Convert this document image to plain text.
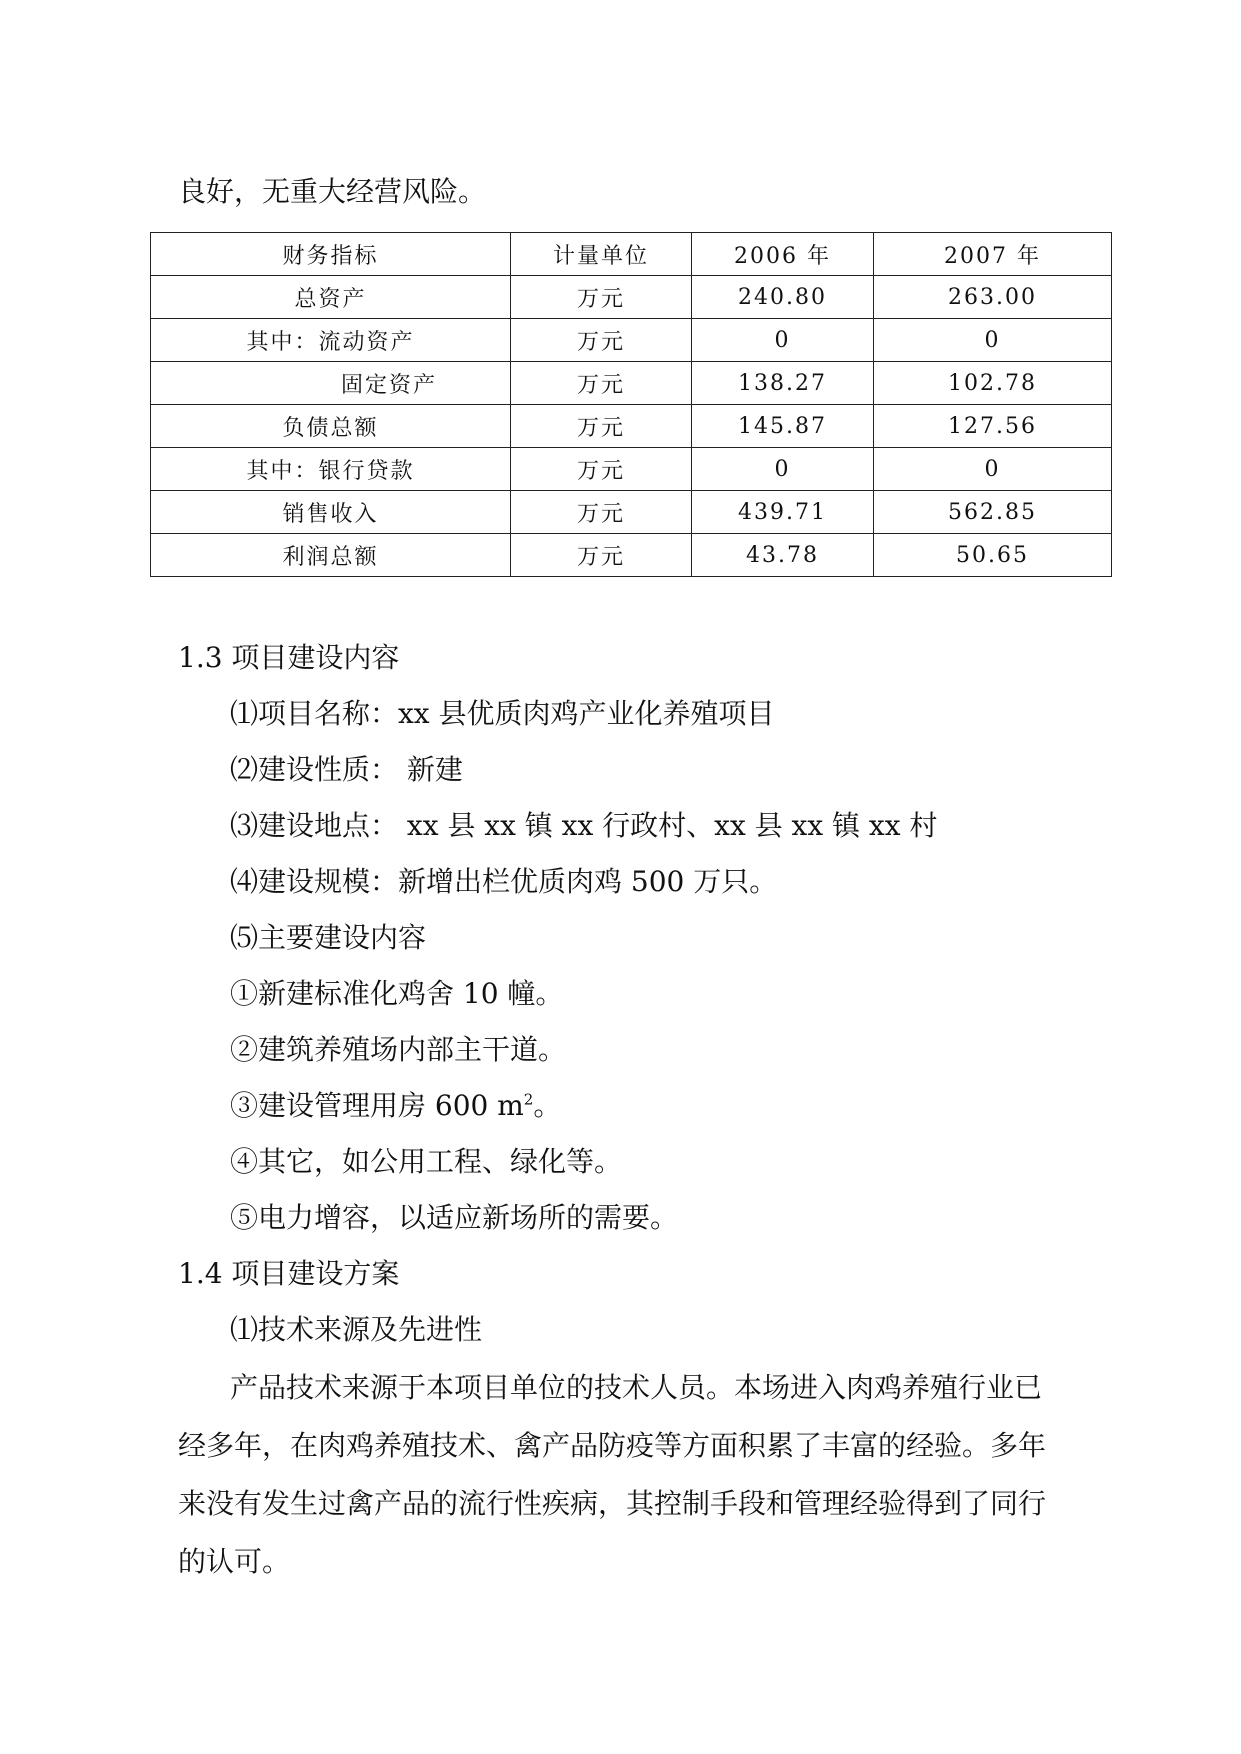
良好，无重大经营风险。
财务指标	计量单位	2006 年	2007 年
总资产	万元	240.80	263.00
其中：流动资产	万元	0	0
固定资产	万元	138.27	102.78
负债总额	万元	145.87	127.56
其中：银行贷款	万元	0	0
销售收入	万元	439.71	562.85
利润总额	万元	43.78	50.65
1.3 项目建设内容
⑴项目名称：xx 县优质肉鸡产业化养殖项目
⑵建设性质： 新建
⑶建设地点： xx 县 xx 镇 xx 行政村、xx 县 xx 镇 xx 村
⑷建设规模：新增出栏优质肉鸡 500 万只。
⑸主要建设内容
①新建标准化鸡舍 10 幢。
②建筑养殖场内部主干道。
③建设管理用房 600 $m^2$。
④其它，如公用工程、绿化等。
⑤电力增容，以适应新场所的需要。
1.4 项目建设方案
⑴技术来源及先进性
产品技术来源于本项目单位的技术人员。本场进入肉鸡养殖行业已
经多年，在肉鸡养殖技术、禽产品防疫等方面积累了丰富的经验。多年
来没有发生过禽产品的流行性疾病，其控制手段和管理经验得到了同行
的认可。
